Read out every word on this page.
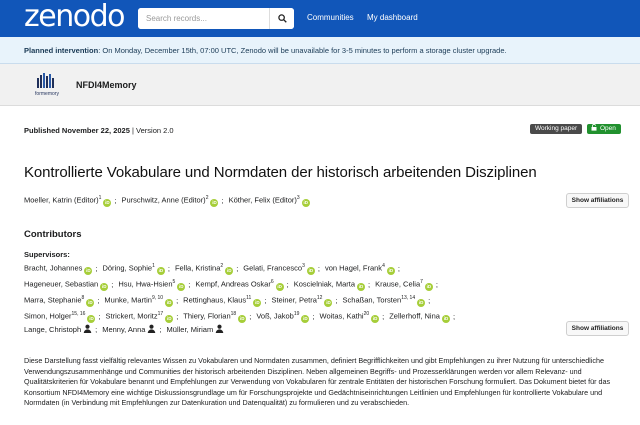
zenodo
Search records...	Communities My dashboard
Planned intervention: On Monday, December 15th, 07:00 UTC, Zenodo will be unavailable for 3-5 minutes to perform a storage cluster upgrade.
formemory
NFDI4Memory
Published November 22, 2025 | Version 2.0	Working paper	Open
Kontrollierte Vokabulare und Normdaten der historisch arbeitenden Disziplinen
Moeller, Katrin (Editor)$^1$iD ; Purschwitz, Anne (Editor)$^2$iD ; Köther, Felix (Editor)$^3$iD	Show affiliations
Contributors
Supervisors:
Bracht, Johannes iD ; Döring, Sophie$^1$iD ; Fella, Kristina$^2$iD ; Gelati, Francesco$^3$iD ; von Hagel, Frank$^4$iD ;
Hageneuer, Sebastian iD ; Hsu, Hwa-Hsien$^5$iD ; Kempf, Andreas Oskar$^6$iD ; Koscielniak, Marta iD ; Krause, Celia$^7$iD ;
Marra, Stephanie$^8$iD ; Munke, Martin$^{9, 10}$iD ; Rettinghaus, Klaus$^{11}$iD ; Steiner, Petra$^{12}$iD ; Schaßan, Torsten$^{13, 14}$iD ;
Simon, Holger$^{15, 16}$iD ; Strickert, Moritz$^{17}$iD ; Thiery, Florian$^{18}$iD ; Voß, Jakob$^{19}$iD ; Woitas, Kathi$^{20}$iD ; Zellerhoff, Nina iD ;
Lange, Christoph ; Menny, Anna ; Müller, Miriam	Show affiliations

Diese Darstellung fasst vielfältig relevantes Wissen zu Vokabularen und Normdaten zusammen, definiert Begrifflichkeiten und gibt Empfehlungen zu ihrer Nutzung für unterschiedliche Verwendungszusammenhänge und Communities der historisch arbeitenden Disziplinen. Neben allgemeinen Begriffs- und Prozesserklärungen werden vor allem Relevanz- und Qualitätskriterien für Vokabulare benannt und Empfehlungen zur Verwendung von Vokabularen für zentrale Entitäten der historischen Forschung formuliert. Das Dokument bietet für das Konsortium NFDI4Memory eine wichtige Diskussionsgrundlage um für Forschungsprojekte und Gedächtniseinrichtungen Leitlinien und Empfehlungen für kontrollierte Vokabulare und Normdaten (in Verbindung mit Empfehlungen zur Datenkuration und Datenqualität) zu formulieren und zu verabschieden.
